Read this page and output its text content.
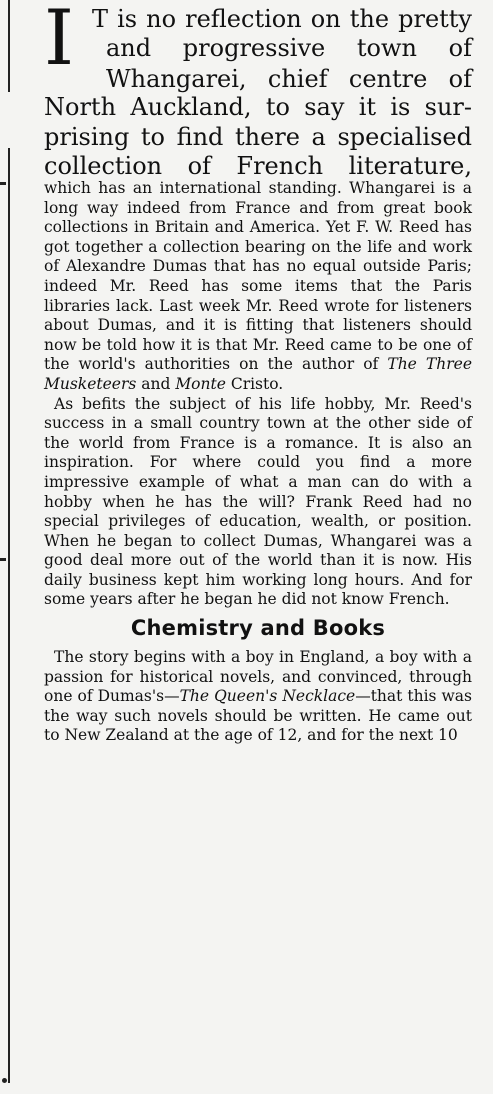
I T is no reflection on the pretty
and progressive town of
Whangarei, chief centre of
North Auckland, to say it is sur-
prising to find there a specialised
collection of French literature,

which has an international standing. Whangarei is a long way indeed from France and from great book collections in Britain and America. Yet F. W. Reed has got together a collection bearing on the life and work of Alexandre Dumas that has no equal outside Paris; indeed Mr. Reed has some items that the Paris libraries lack. Last week Mr. Reed wrote for listeners about Dumas, and it is fitting that listeners should now be told how it is that Mr. Reed came to be one of the world's authorities on the author of The Three Musketeers and Monte Cristo.

As befits the subject of his life hobby, Mr. Reed's success in a small country town at the other side of the world from France is a romance. It is also an inspiration. For where could you find a more impressive example of what a man can do with a hobby when he has the will? Frank Reed had no special privileges of education, wealth, or position. When he began to collect Dumas, Whangarei was a good deal more out of the world than it is now. His daily business kept him working long hours. And for some years after he began he did not know French.

Chemistry and Books

The story begins with a boy in England, a boy with a passion for historical novels, and convinced, through one of Dumas's—The Queen's Necklace—that this was the way such novels should be written. He came out to New Zealand at the age of 12, and for the next 10
